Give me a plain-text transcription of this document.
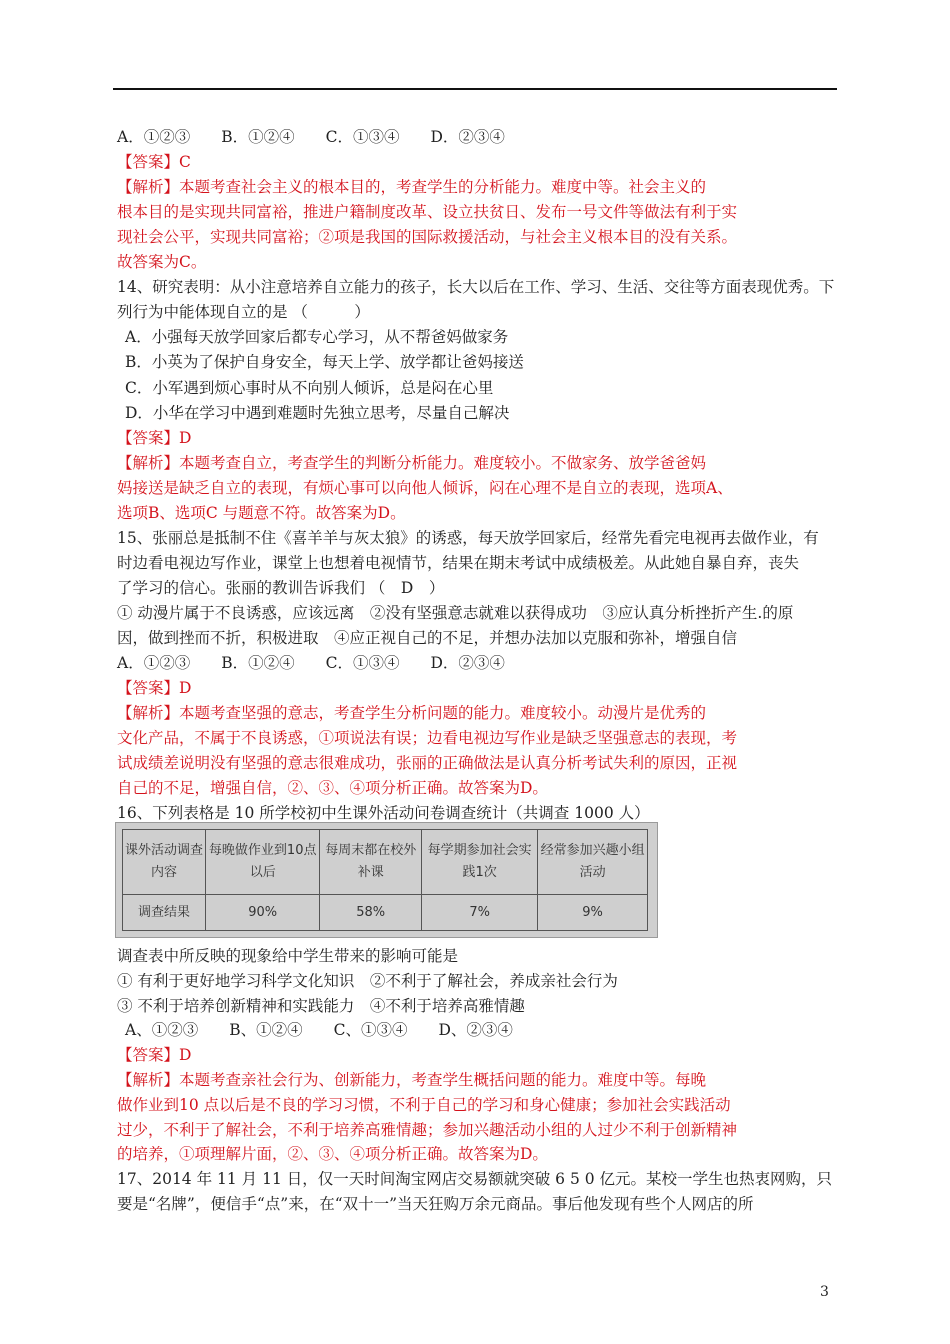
A．①②③　　B．①②④　　C．①③④　　D．②③④
【答案】C
【解析】本题考查社会主义的根本目的，考查学生的分析能力。难度中等。社会主义的
根本目的是实现共同富裕，推进户籍制度改革、设立扶贫日、发布一号文件等做法有利于实
现社会公平，实现共同富裕；②项是我国的国际救援活动，与社会主义根本目的没有关系。
故答案为C。
14、研究表明：从小注意培养自立能力的孩子，长大以后在工作、学习、生活、交往等方面表现优秀。下
列行为中能体现自立的是 （　　　）
A．小强每天放学回家后都专心学习，从不帮爸妈做家务
B．小英为了保护自身安全，每天上学、放学都让爸妈接送
C．小军遇到烦心事时从不向别人倾诉，总是闷在心里
D．小华在学习中遇到难题时先独立思考，尽量自己解决
【答案】D
【解析】本题考查自立，考查学生的判断分析能力。难度较小。不做家务、放学爸爸妈
妈接送是缺乏自立的表现，有烦心事可以向他人倾诉，闷在心理不是自立的表现，选项A、
选项B、选项C 与题意不符。故答案为D。
15、张丽总是抵制不住《喜羊羊与灰太狼》的诱惑，每天放学回家后，经常先看完电视再去做作业，有
时边看电视边写作业，课堂上也想着电视情节，结果在期末考试中成绩极差。从此她自暴自弃，丧失
了学习的信心。张丽的教训告诉我们 （　D　）
① 动漫片属于不良诱惑，应该远离　②没有坚强意志就难以获得成功　③应认真分析挫折产生.的原
因，做到挫而不折，积极进取　④应正视自己的不足，并想办法加以克服和弥补，增强自信
A．①②③　　B．①②④　　C．①③④　　D．②③④
【答案】D
【解析】本题考查坚强的意志，考查学生分析问题的能力。难度较小。动漫片是优秀的
文化产品，不属于不良诱惑，①项说法有误；边看电视边写作业是缺乏坚强意志的表现，考
试成绩差说明没有坚强的意志很难成功，张丽的正确做法是认真分析考试失利的原因，正视
自己的不足，增强自信，②、③、④项分析正确。故答案为D。
16、下列表格是 10 所学校初中生课外活动问卷调查统计（共调查 1000 人）
课外活动调查内容	每晚做作业到10点以后	每周末都在校外补课	每学期参加社会实践1次	经常参加兴趣小组活动
调查结果	90%	58%	7%	9%
调查表中所反映的现象给中学生带来的影响可能是
① 有利于更好地学习科学文化知识　②不利于了解社会，养成亲社会行为
③ 不利于培养创新精神和实践能力　④不利于培养高雅情趣
A、①②③　　B、①②④　　C、①③④　　D、②③④
【答案】D
【解析】本题考查亲社会行为、创新能力，考查学生概括问题的能力。难度中等。每晚
做作业到10 点以后是不良的学习习惯，不利于自己的学习和身心健康；参加社会实践活动
过少，不利于了解社会，不利于培养高雅情趣；参加兴趣活动小组的人过少不利于创新精神
的培养，①项理解片面，②、③、④项分析正确。故答案为D。
17、2014 年 11 月 11 日，仅一天时间淘宝网店交易额就突破 6 5 0 亿元。某校一学生也热衷网购，只
要是“名牌”，便信手“点”来，在“双十一”当天狂购万余元商品。事后他发现有些个人网店的所
3
